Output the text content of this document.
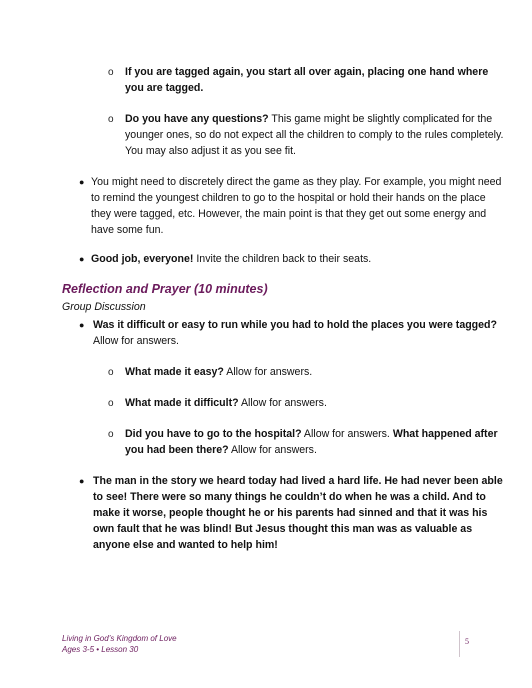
o If you are tagged again, you start all over again, placing one hand where
you are tagged.
o Do you have any questions? This game might be slightly complicated for the
younger ones, so do not expect all the children to comply to the rules completely.
You may also adjust it as you see fit.
● You might need to discretely direct the game as they play. For example, you might need
to remind the youngest children to go to the hospital or hold their hands on the place
they were tagged, etc. However, the main point is that they get out some energy and
have some fun.
● Good job, everyone! Invite the children back to their seats.
Reflection and Prayer (10 minutes)
Group Discussion
● Was it difficult or easy to run while you had to hold the places you were tagged?
Allow for answers.
o What made it easy? Allow for answers.
o What made it difficult? Allow for answers.
o Did you have to go to the hospital? Allow for answers. What happened after
you had been there? Allow for answers.
● The man in the story we heard today had lived a hard life. He had never been able
to see! There were so many things he couldn’t do when he was a child. And to
make it worse, people thought he or his parents had sinned and that it was his
own fault that he was blind! But Jesus thought this man was as valuable as
anyone else and wanted to help him!
Living in God’s Kingdom of Love
Ages 3-5 • Lesson 30
5
